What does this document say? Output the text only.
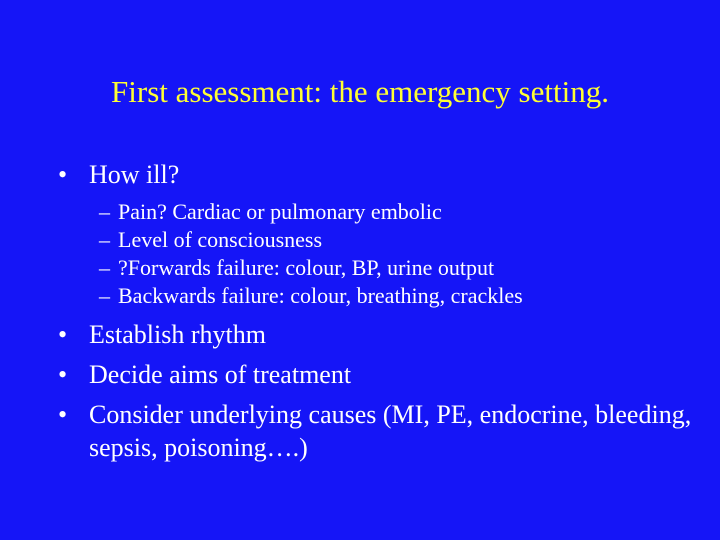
First assessment: the emergency setting.
• How ill?
– Pain? Cardiac or pulmonary embolic
– Level of consciousness
– ?Forwards failure: colour, BP, urine output
– Backwards failure: colour, breathing, crackles
• Establish rhythm
• Decide aims of treatment
• Consider underlying causes (MI, PE, endocrine, bleeding, sepsis, poisoning….)
